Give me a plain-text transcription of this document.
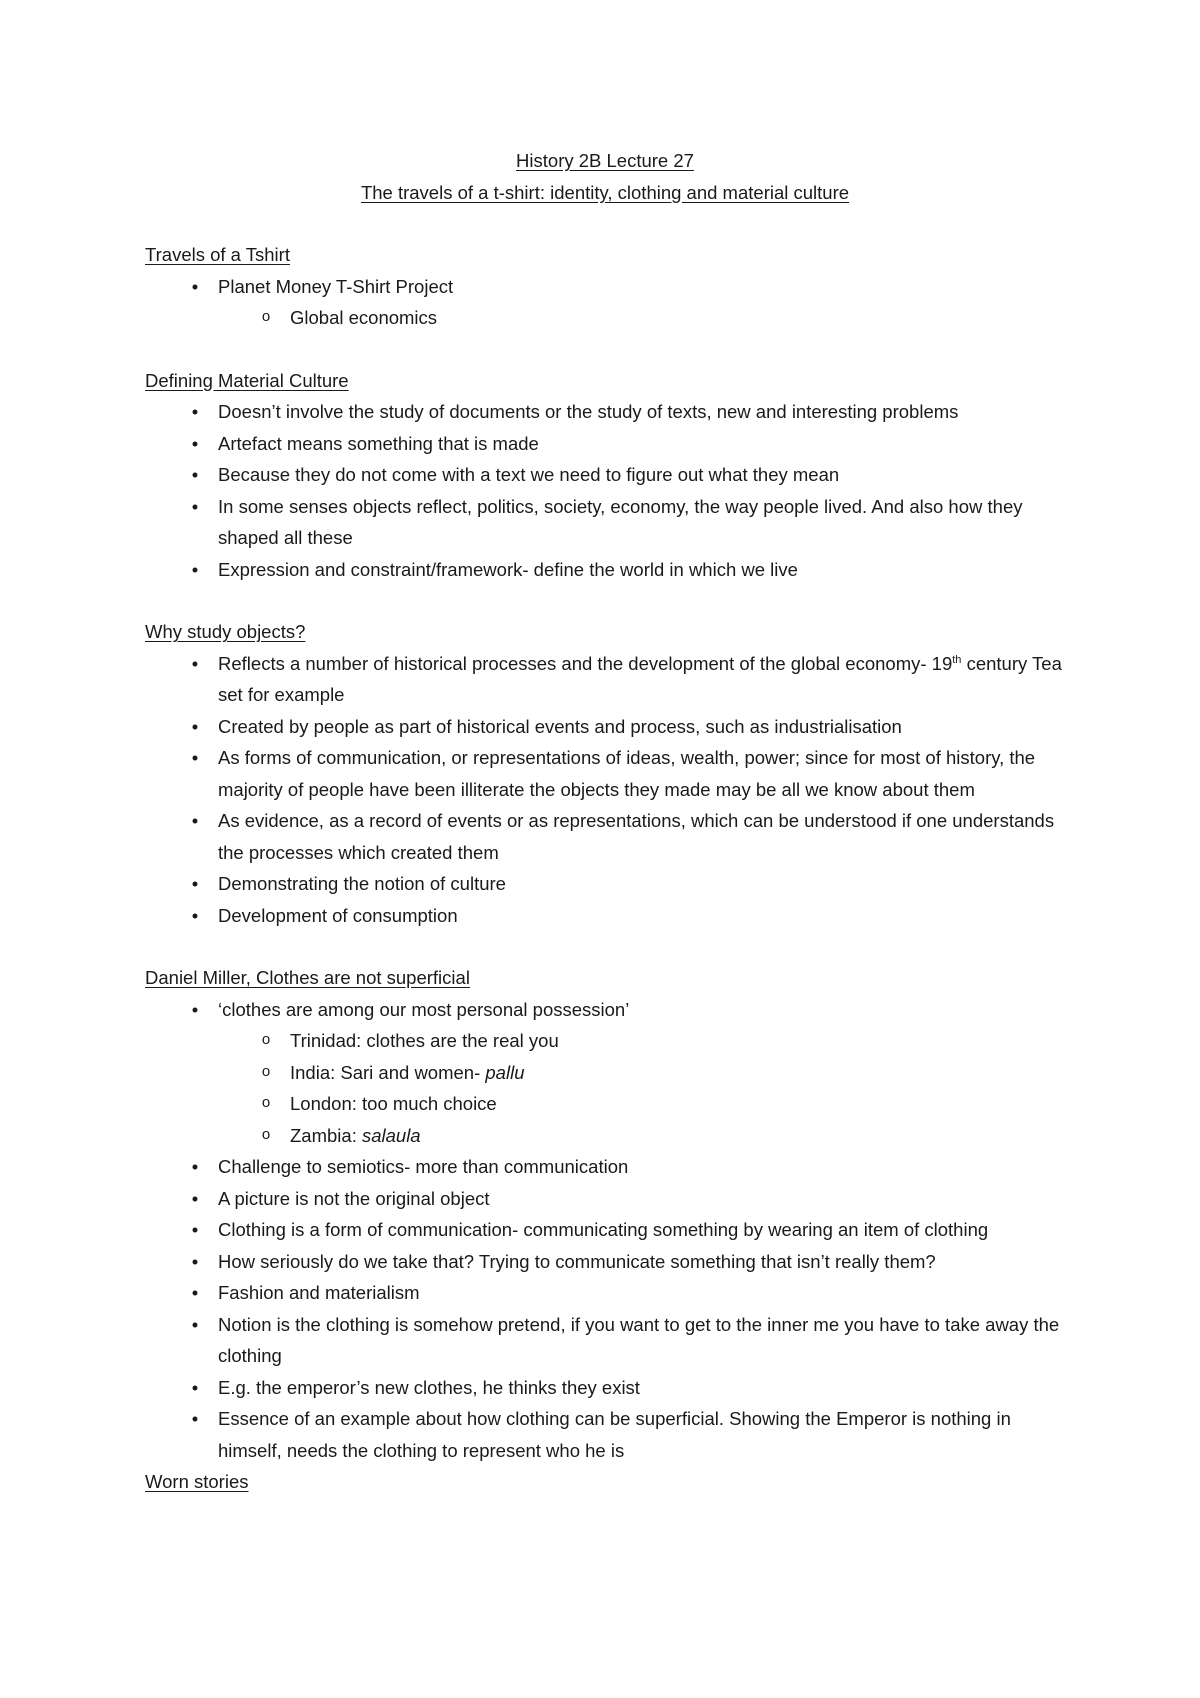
History 2B Lecture 27

The travels of a t-shirt: identity, clothing and material culture

Travels of a Tshirt

•	Planet Money T-Shirt Project
o Global economics

Defining Material Culture

•	Doesn’t involve the study of documents or the study of texts, new and interesting problems
•	Artefact means something that is made
•	Because they do not come with a text we need to figure out what they mean
•	In some senses objects reflect, politics, society, economy, the way people lived. And also how they shaped all these
•	Expression and constraint/framework- define the world in which we live

Why study objects?

•	Reflects a number of historical processes and the development of the global economy- 19th century Tea set for example
•	Created by people as part of historical events and process, such as industrialisation
•	As forms of communication, or representations of ideas, wealth, power; since for most of history, the majority of people have been illiterate the objects they made may be all we know about them
•	As evidence, as a record of events or as representations, which can be understood if one understands the processes which created them
•	Demonstrating the notion of culture
•	Development of consumption

Daniel Miller, Clothes are not superficial

•	‘clothes are among our most personal possession’
o Trinidad: clothes are the real you
o India: Sari and women- pallu
o London: too much choice
o Zambia: salaula
•	Challenge to semiotics- more than communication
•	A picture is not the original object
•	Clothing is a form of communication- communicating something by wearing an item of clothing
•	How seriously do we take that? Trying to communicate something that isn’t really them?
•	Fashion and materialism
•	Notion is the clothing is somehow pretend, if you want to get to the inner me you have to take away the clothing
•	E.g. the emperor’s new clothes, he thinks they exist
•	Essence of an example about how clothing can be superficial. Showing the Emperor is nothing in himself, needs the clothing to represent who he is

Worn stories
